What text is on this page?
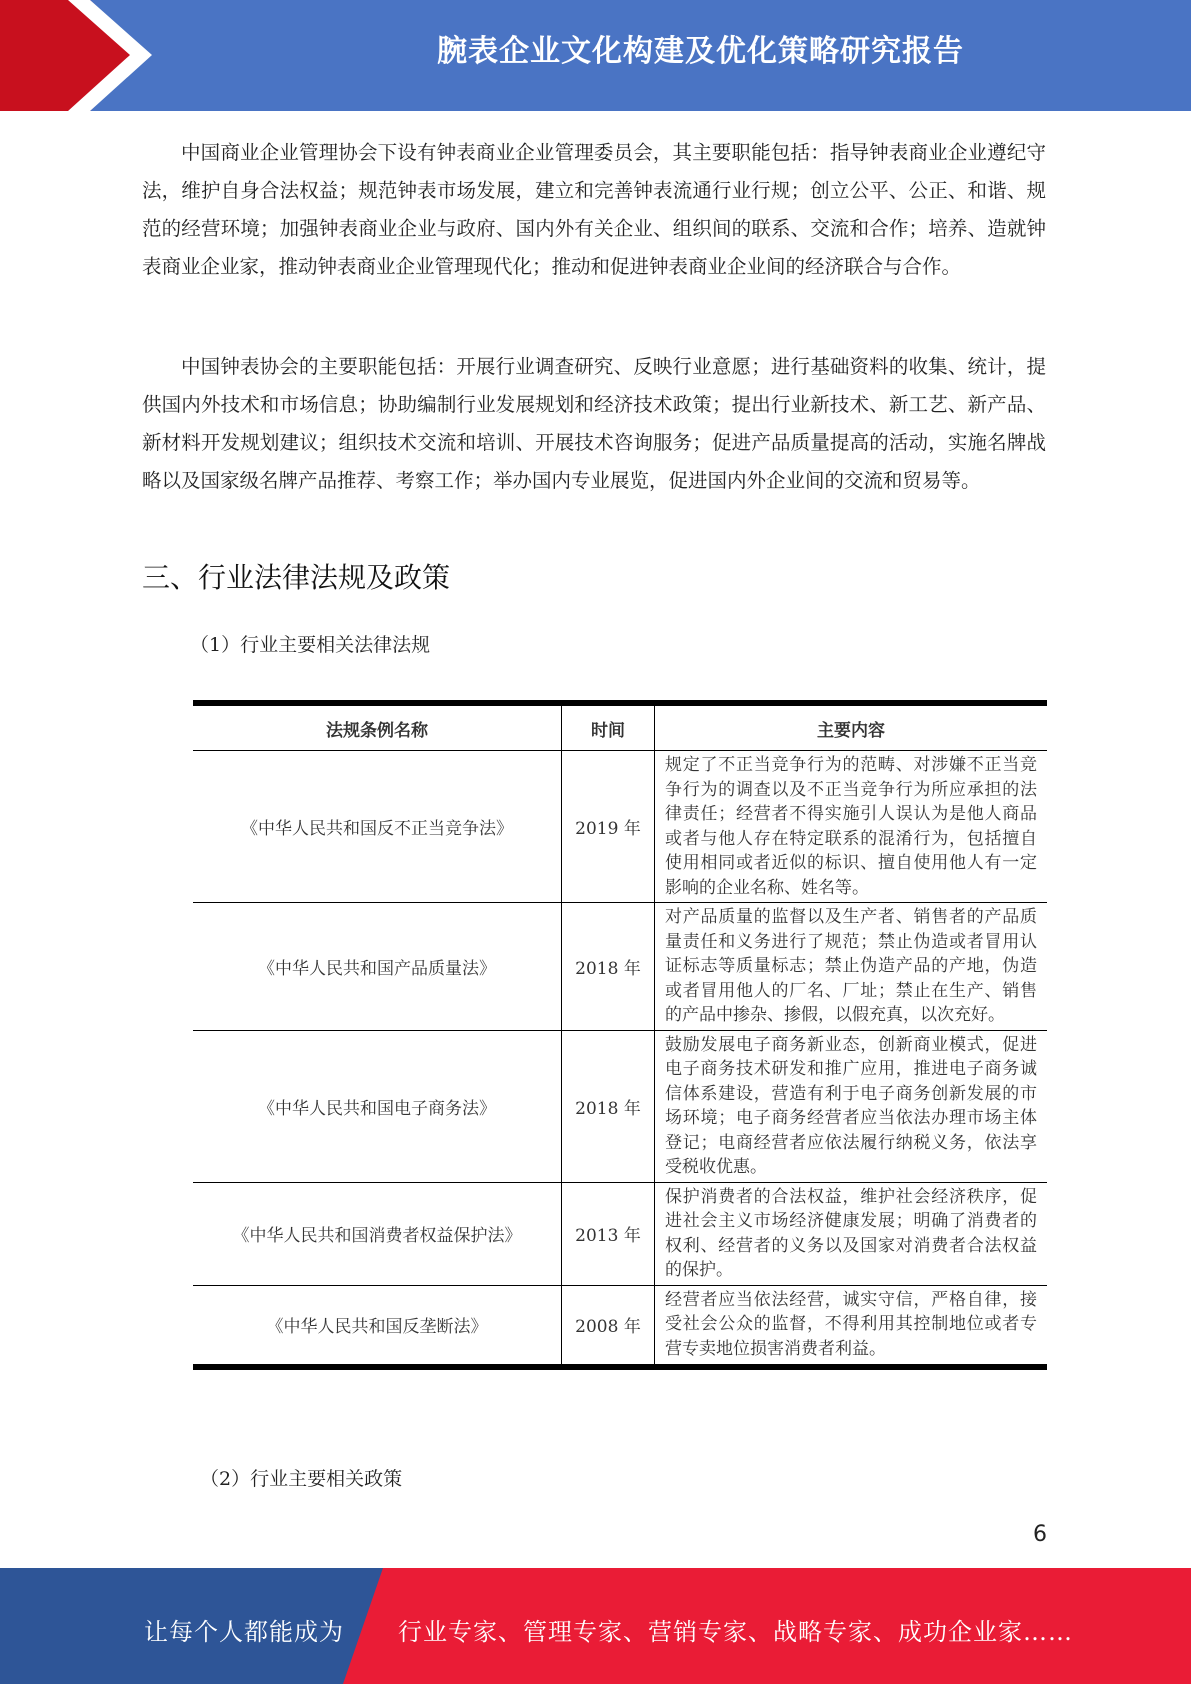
腕表企业文化构建及优化策略研究报告

中国商业企业管理协会下设有钟表商业企业管理委员会，其主要职能包括：指导钟表商业企业遵纪守法，维护自身合法权益；规范钟表市场发展，建立和完善钟表流通行业行规；创立公平、公正、和谐、规范的经营环境；加强钟表商业企业与政府、国内外有关企业、组织间的联系、交流和合作；培养、造就钟表商业企业家，推动钟表商业企业管理现代化；推动和促进钟表商业企业间的经济联合与合作。

中国钟表协会的主要职能包括：开展行业调查研究、反映行业意愿；进行基础资料的收集、统计，提供国内外技术和市场信息；协助编制行业发展规划和经济技术政策；提出行业新技术、新工艺、新产品、新材料开发规划建议；组织技术交流和培训、开展技术咨询服务；促进产品质量提高的活动，实施名牌战略以及国家级名牌产品推荐、考察工作；举办国内专业展览，促进国内外企业间的交流和贸易等。

三、行业法律法规及政策
（1）行业主要相关法律法规
法规条例名称	时间	主要内容
《中华人民共和国反不正当竞争法》	2019 年	规定了不正当竞争行为的范畴、对涉嫌不正当竞争行为的调查以及不正当竞争行为所应承担的法律责任；经营者不得实施引人误认为是他人商品或者与他人存在特定联系的混淆行为，包括擅自使用相同或者近似的标识、擅自使用他人有一定影响的企业名称、姓名等。
《中华人民共和国产品质量法》	2018 年	对产品质量的监督以及生产者、销售者的产品质量责任和义务进行了规范；禁止伪造或者冒用认证标志等质量标志；禁止伪造产品的产地，伪造或者冒用他人的厂名、厂址；禁止在生产、销售的产品中掺杂、掺假，以假充真，以次充好。
《中华人民共和国电子商务法》	2018 年	鼓励发展电子商务新业态，创新商业模式，促进电子商务技术研发和推广应用，推进电子商务诚信体系建设，营造有利于电子商务创新发展的市场环境；电子商务经营者应当依法办理市场主体登记；电商经营者应依法履行纳税义务，依法享受税收优惠。
《中华人民共和国消费者权益保护法》	2013 年	保护消费者的合法权益，维护社会经济秩序，促进社会主义市场经济健康发展；明确了消费者的权利、经营者的义务以及国家对消费者合法权益的保护。
《中华人民共和国反垄断法》	2008 年	经营者应当依法经营，诚实守信，严格自律，接受社会公众的监督，不得利用其控制地位或者专营专卖地位损害消费者利益。
（2）行业主要相关政策
6
让每个人都能成为 行业专家、管理专家、营销专家、战略专家、成功企业家……
